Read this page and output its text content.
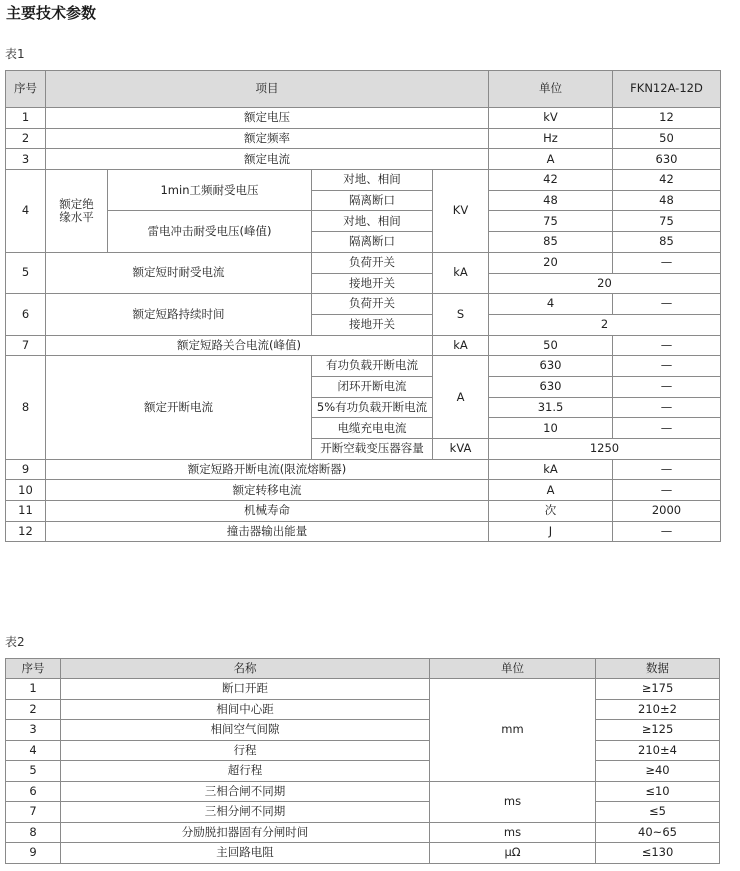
主要技术参数
表1
序号	项目				单位	FKN12A-12D	
1	额定电压				kV	12	
2	额定频率				Hz	50	
3	额定电流				A	630	
4	额定绝缘水平	1min工频耐受电压	对地、相间	KV	42	42	
			隔离断口		48	48	
		雷电冲击耐受电压(峰值)	对地、相间		75	75	
			隔离断口		85	85	
5	额定短时耐受电流		负荷开关	kA	20	—	
			接地开关		20		
6	额定短路持续时间		负荷开关	S	4	—	
			接地开关		2		
7	额定短路关合电流(峰值)			kA	50	—	
8	额定开断电流		有功负载开断电流	A	630	—	
			闭环开断电流		630	—	
			5%有功负载开断电流		31.5	—	
			电缆充电电流		10	—	
			开断空载变压器容量	kVA	1250		
9	额定短路开断电流(限流熔断器)				kA	—	
10	额定转移电流				A	—	
11	机械寿命				次	2000	
12	撞击器输出能量				J	—	
表2
序号	名称	单位	数据
1	断口开距	mm	≥175
2	相间中心距		210±2
3	相间空气间隙		≥125
4	行程		210±4
5	超行程		≥40
6	三相合闸不同期	ms	≤10
7	三相分闸不同期		≤5
8	分励脱扣器固有分闸时间	ms	40~65
9	主回路电阻	μΩ	≤130
